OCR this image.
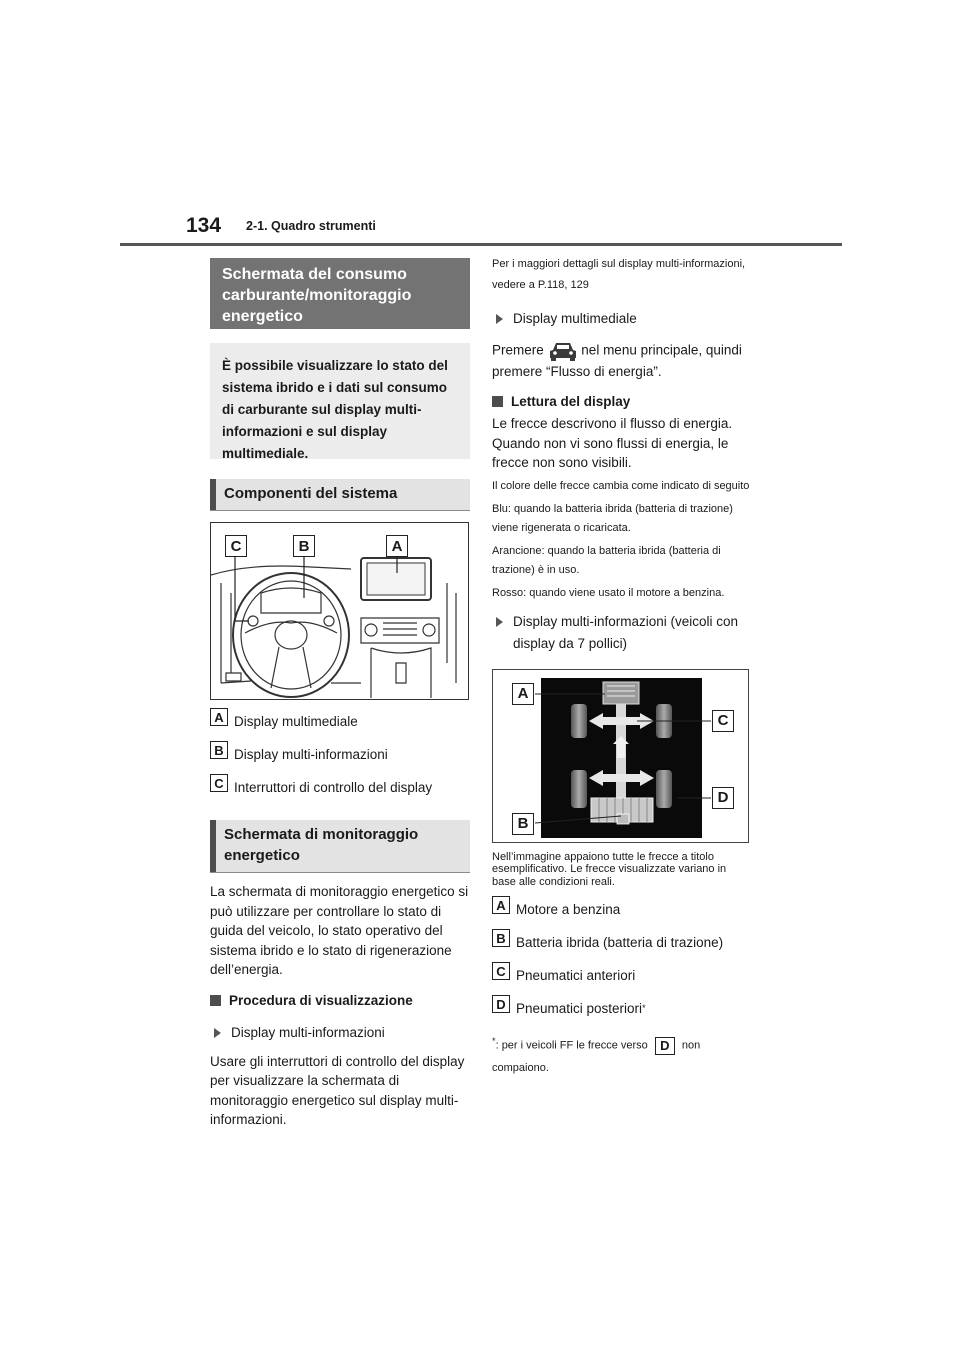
134 2-1. Quadro strumenti
Schermata del consumo carburante/monitoraggio energetico
È possibile visualizzare lo stato del sistema ibrido e i dati sul consumo di carburante sul display multi-informazioni e sul display multimediale.
Componenti del sistema
C	B	A
A Display multimediale
B Display multi-informazioni
C Interruttori di controllo del display
Schermata di monitoraggio energetico
La schermata di monitoraggio energetico si può utilizzare per controllare lo stato di guida del veicolo, lo stato operativo del sistema ibrido e lo stato di rigenerazione dell’energia.
Procedura di visualizzazione
Display multi-informazioni
Usare gli interruttori di controllo del display per visualizzare la schermata di monitoraggio energetico sul display multi-informazioni.
Per i maggiori dettagli sul display multi-informazioni, vedere a P.118, 129
Display multimediale
Premere	nel menu principale, quindi premere “Flusso di energia”.
Lettura del display
Le frecce descrivono il flusso di energia. Quando non vi sono flussi di energia, le frecce non sono visibili.
Il colore delle frecce cambia come indicato di seguito
Blu: quando la batteria ibrida (batteria di trazione) viene rigenerata o ricaricata.
Arancione: quando la batteria ibrida (batteria di trazione) è in uso.
Rosso: quando viene usato il motore a benzina.
Display multi-informazioni (veicoli con display da 7 pollici)
A
C
D
B
Nell’immagine appaiono tutte le frecce a titolo esemplificativo. Le frecce visualizzate variano in base alle condizioni reali.
A Motore a benzina
B Batteria ibrida (batteria di trazione)
C Pneumatici anteriori
D Pneumatici posteriori *
*: per i veicoli FF le frecce verso D non compaiono.
